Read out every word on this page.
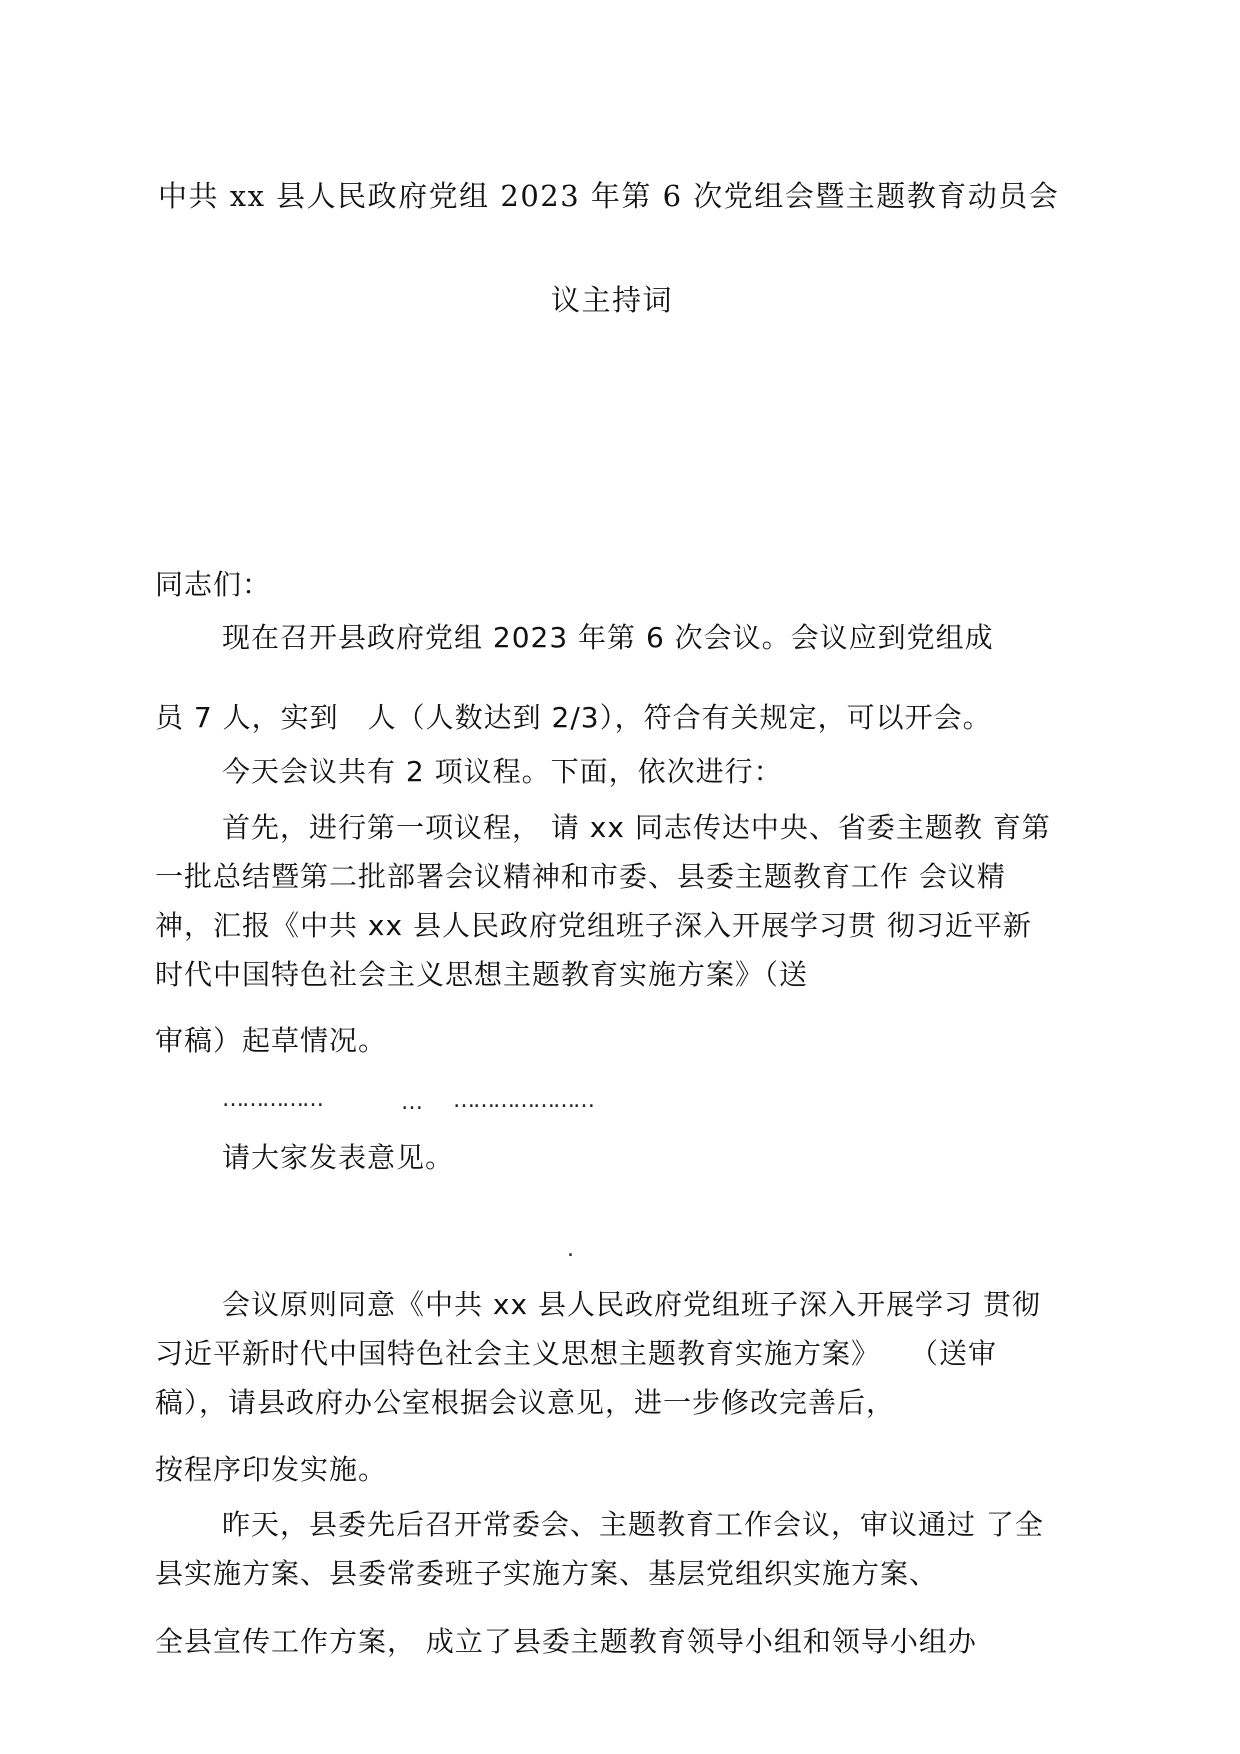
中共 xx 县人民政府党组 2023 年第 6 次党组会暨主题教育动员会
议主持词
同志们：
现在召开县政府党组 2023 年第 6 次会议。会议应到党组成
员 7 人，实到　人（人数达到 2/3），符合有关规定，可以开会。
今天会议共有 2 项议程。下面，依次进行：
首先，进行第一项议程， 请 xx 同志传达中央、省委主题教 育第
一批总结暨第二批部署会议精神和市委、县委主题教育工作 会议精
神，汇报《中共 xx 县人民政府党组班子深入开展学习贯 彻习近平新
时代中国特色社会主义思想主题教育实施方案》（送
审稿）起草情况。
……………	… …………………
请大家发表意见。
.
会议原则同意《中共 xx 县人民政府党组班子深入开展学习 贯彻
习近平新时代中国特色社会主义思想主题教育实施方案》　　（送审
稿），请县政府办公室根据会议意见，进一步修改完善后，
按程序印发实施。
昨天，县委先后召开常委会、主题教育工作会议，审议通过 了全
县实施方案、县委常委班子实施方案、基层党组织实施方案、
全县宣传工作方案， 成立了县委主题教育领导小组和领导小组办
